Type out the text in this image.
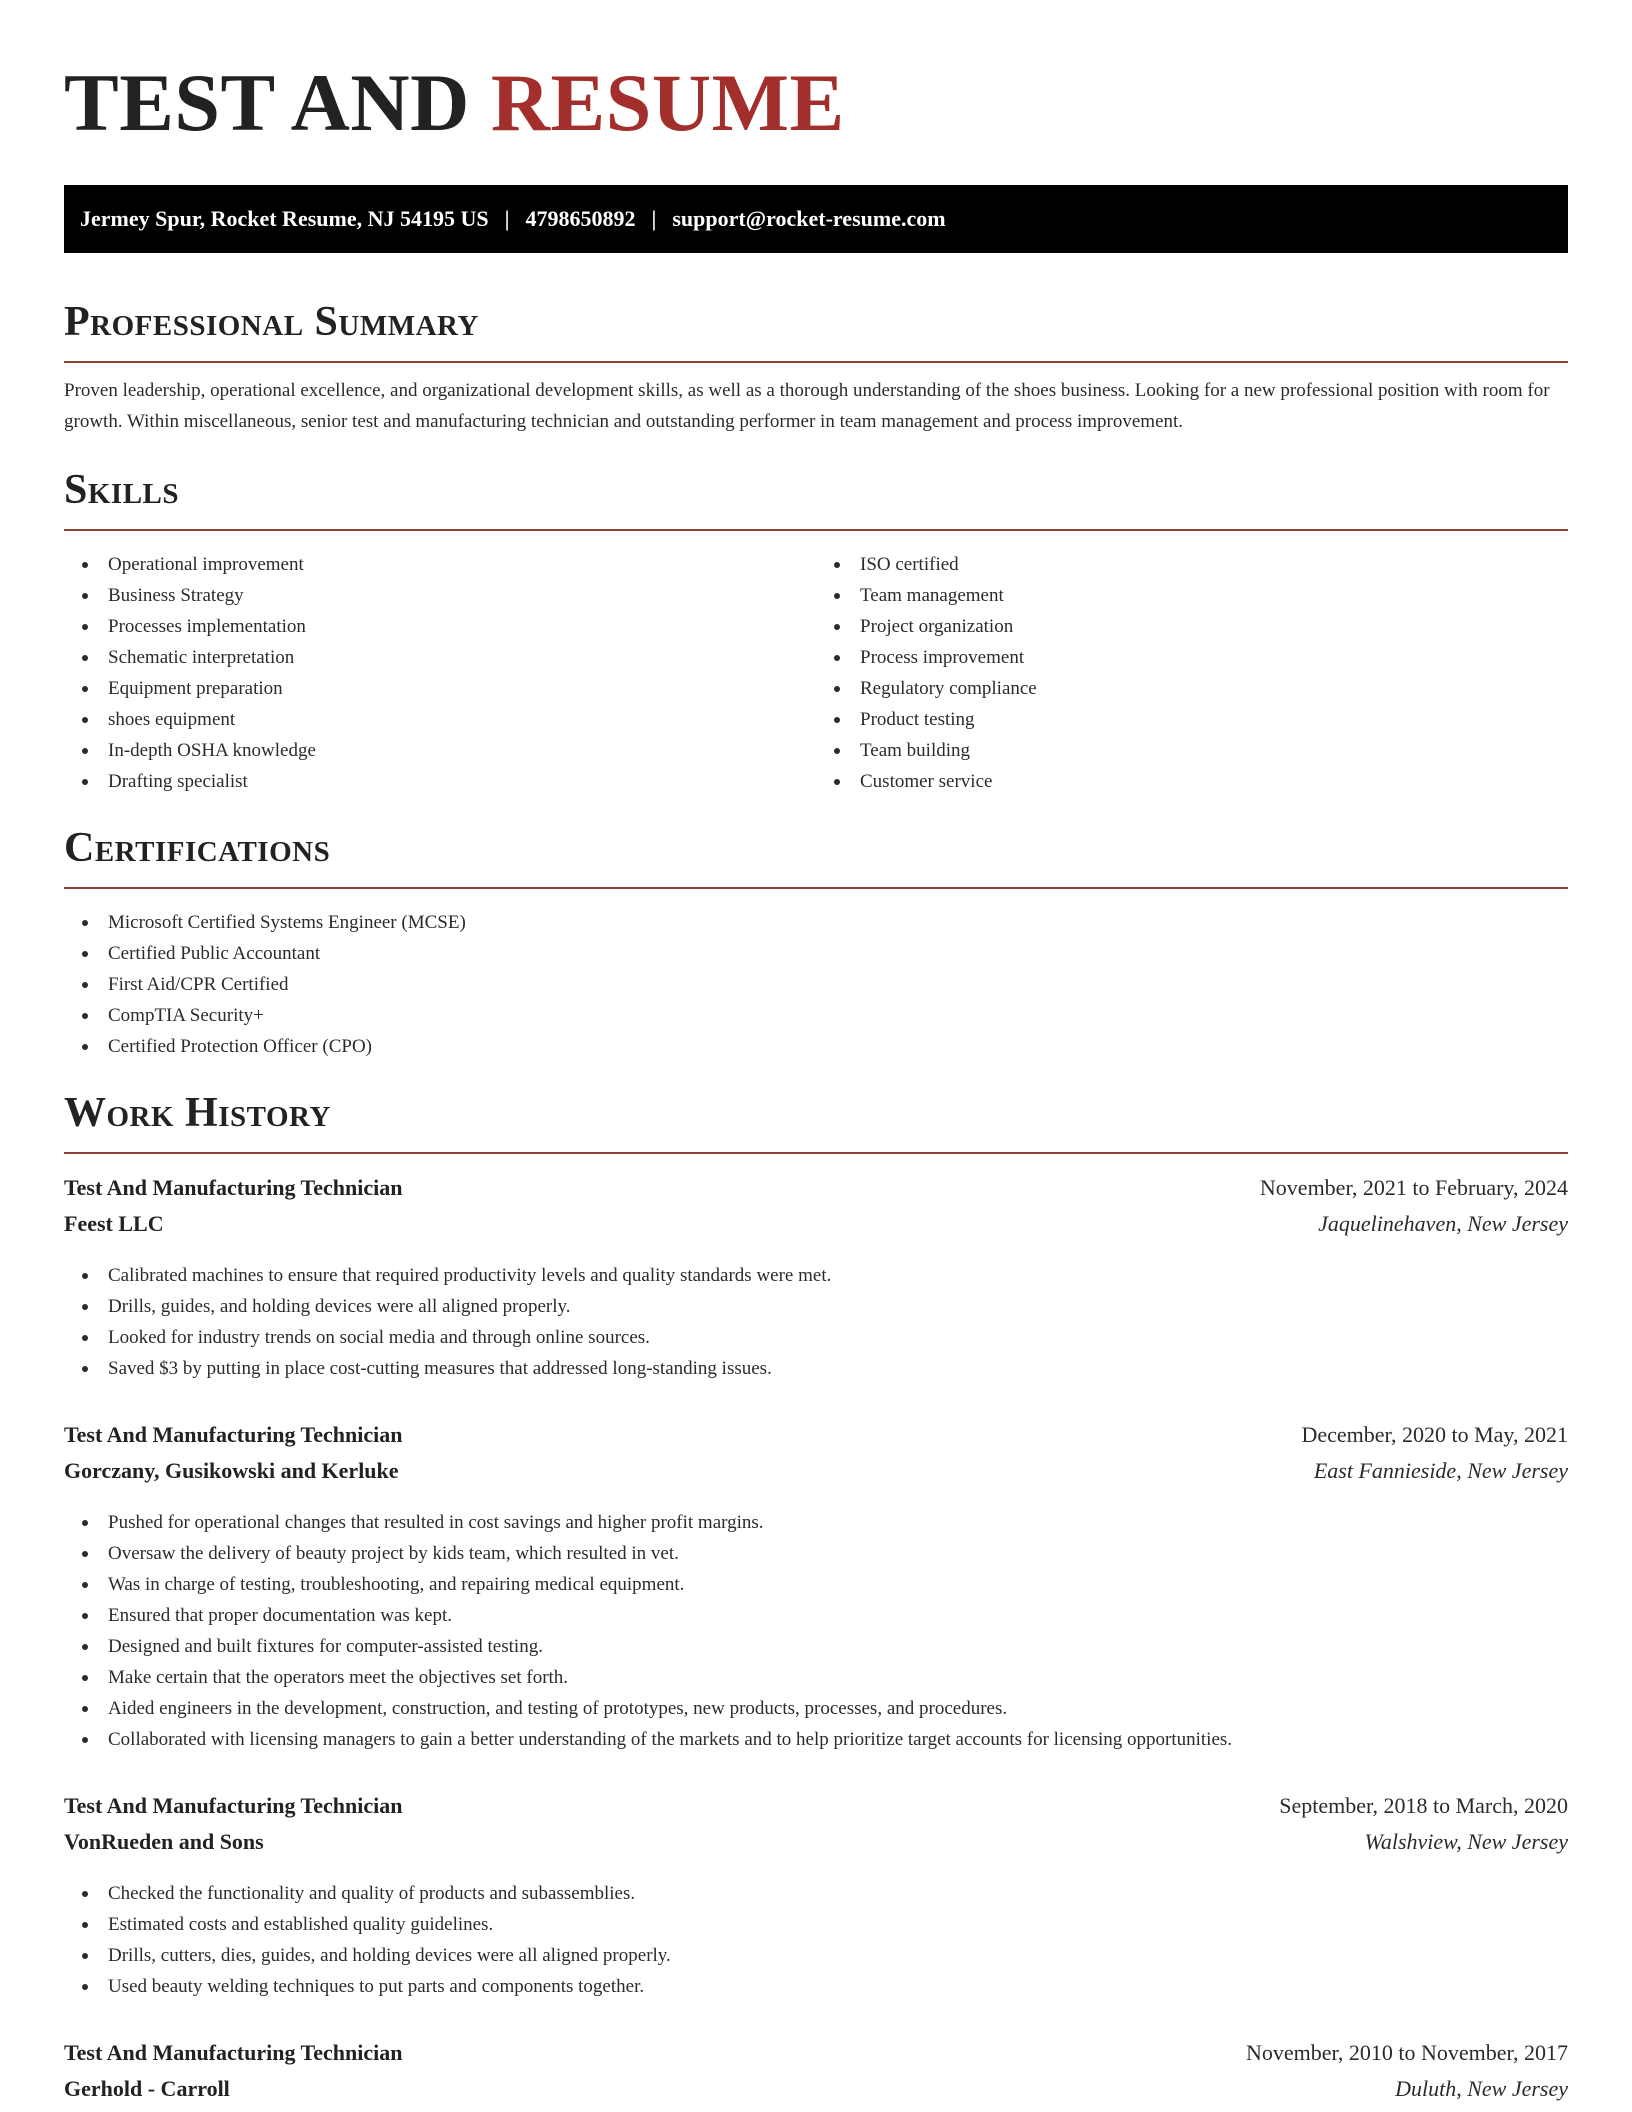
TEST AND RESUME
Jermey Spur, Rocket Resume, NJ 54195 US | 4798650892 | support@rocket-resume.com
Professional Summary

Proven leadership, operational excellence, and organizational development skills, as well as a thorough understanding of the shoes business. Looking for a new professional position with room for growth. Within miscellaneous, senior test and manufacturing technician and outstanding performer in team management and process improvement.

Skills
Operational improvement
Business Strategy
Processes implementation
Schematic interpretation
Equipment preparation
shoes equipment
In-depth OSHA knowledge
Drafting specialist
ISO certified
Team management
Project organization
Process improvement
Regulatory compliance
Product testing
Team building
Customer service
Certifications
Microsoft Certified Systems Engineer (MCSE)
Certified Public Accountant
First Aid/CPR Certified
CompTIA Security+
Certified Protection Officer (CPO)
Work History
Test And Manufacturing Technician	November, 2021 to February, 2024
Feest LLC	Jaquelinehaven, New Jersey
Calibrated machines to ensure that required productivity levels and quality standards were met.
Drills, guides, and holding devices were all aligned properly.
Looked for industry trends on social media and through online sources.
Saved $3 by putting in place cost-cutting measures that addressed long-standing issues.
Test And Manufacturing Technician	December, 2020 to May, 2021
Gorczany, Gusikowski and Kerluke	East Fannieside, New Jersey
Pushed for operational changes that resulted in cost savings and higher profit margins.
Oversaw the delivery of beauty project by kids team, which resulted in vet.
Was in charge of testing, troubleshooting, and repairing medical equipment.
Ensured that proper documentation was kept.
Designed and built fixtures for computer-assisted testing.
Make certain that the operators meet the objectives set forth.
Aided engineers in the development, construction, and testing of prototypes, new products, processes, and procedures.
Collaborated with licensing managers to gain a better understanding of the markets and to help prioritize target accounts for licensing opportunities.
Test And Manufacturing Technician	September, 2018 to March, 2020
VonRueden and Sons	Walshview, New Jersey
Checked the functionality and quality of products and subassemblies.
Estimated costs and established quality guidelines.
Drills, cutters, dies, guides, and holding devices were all aligned properly.
Used beauty welding techniques to put parts and components together.
Test And Manufacturing Technician	November, 2010 to November, 2017
Gerhold - Carroll	Duluth, New Jersey
